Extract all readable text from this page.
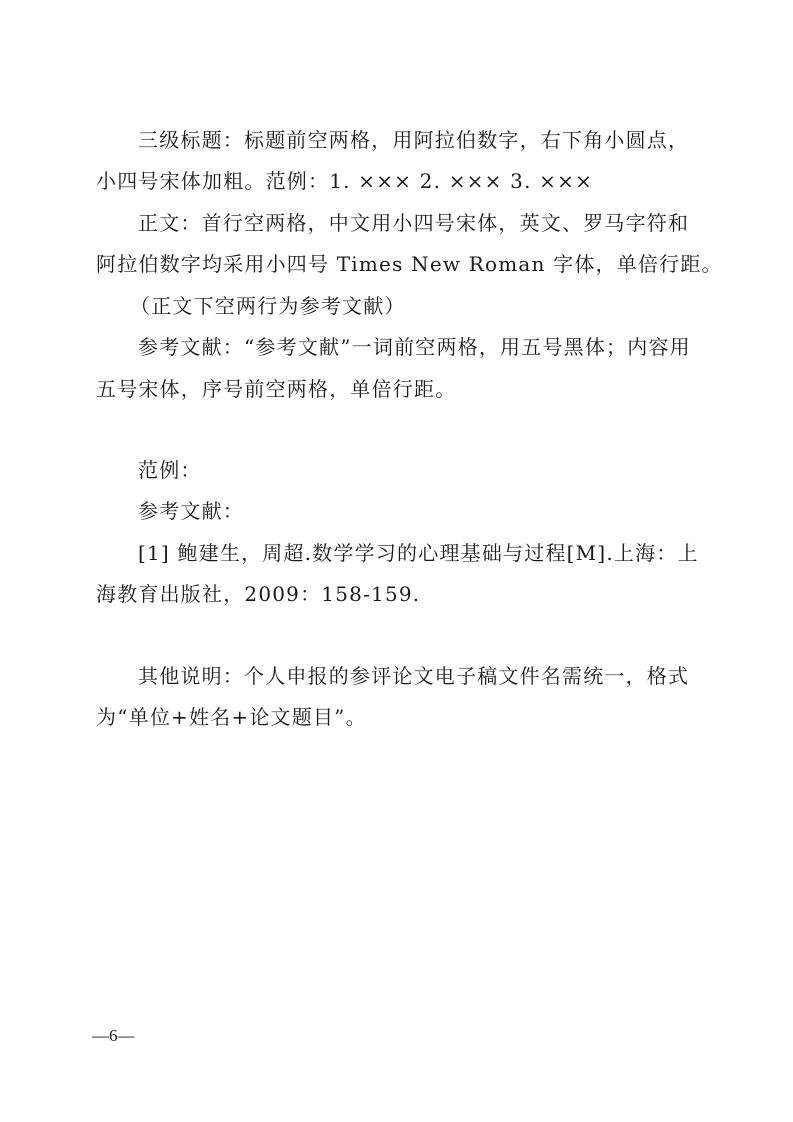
三级标题：标题前空两格，用阿拉伯数字，右下角小圆点，
小四号宋体加粗。范例：1. ××× 2. ××× 3. ×××
正文：首行空两格，中文用小四号宋体，英文、罗马字符和
阿拉伯数字均采用小四号 Times New Roman 字体，单倍行距。
（正文下空两行为参考文献）
参考文献：“参考文献”一词前空两格，用五号黑体；内容用
五号宋体，序号前空两格，单倍行距。
范例：
参考文献：
[1] 鲍建生，周超.数学学习的心理基础与过程[M].上海：上
海教育出版社，2009：158-159.
其他说明：个人申报的参评论文电子稿文件名需统一，格式
为“单位+姓名+论文题目”。
—6—
